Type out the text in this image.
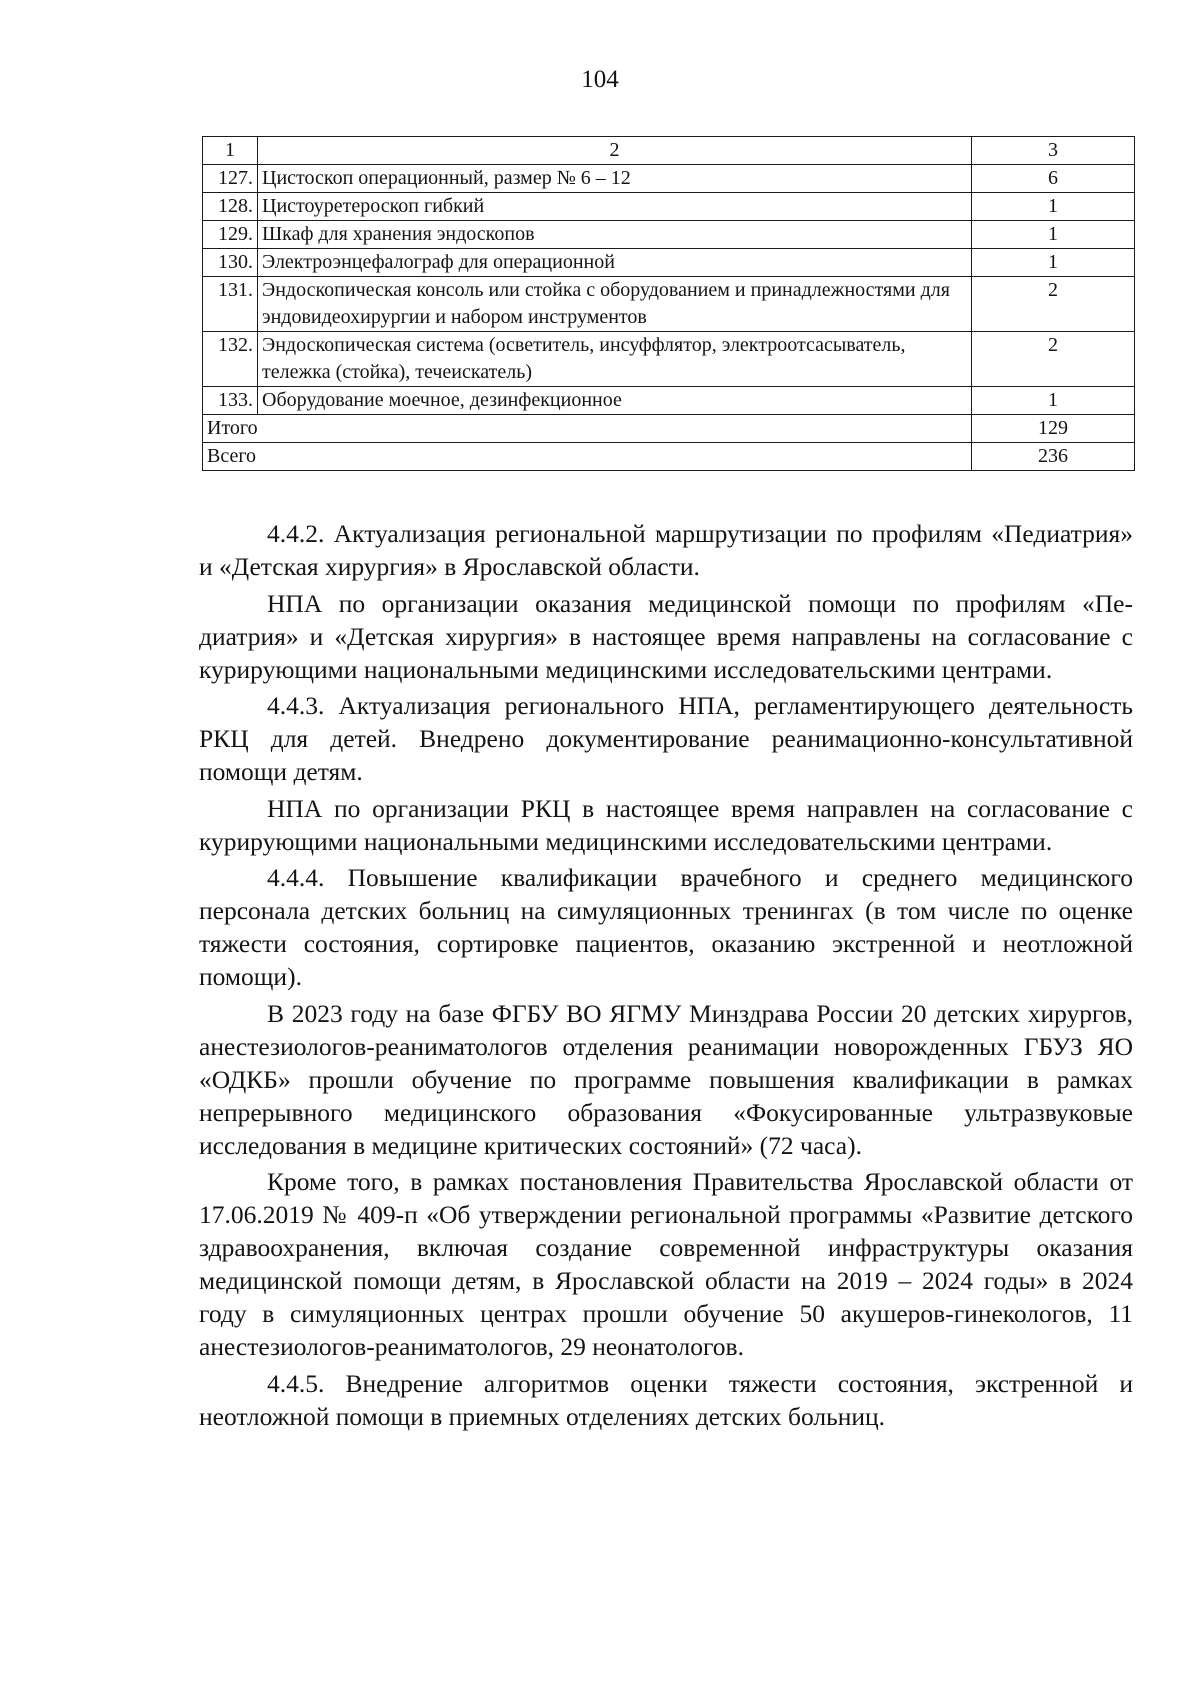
104
1	2	3
127.	Цистоскоп операционный, размер № 6 – 12	6
128.	Цистоуретероскоп гибкий	1
129.	Шкаф для хранения эндоскопов	1
130.	Электроэнцефалограф для операционной	1
131.	Эндоскопическая консоль или стойка с оборудованием и принадлежностями для эндовидеохирургии и набором инструментов	2
132.	Эндоскопическая система (осветитель, инсуффлятор, электроотсасыватель, тележка (стойка), течеискатель)	2
133.	Оборудование моечное, дезинфекционное	1
Итого		129
Всего		236

4.4.2. Актуализация региональной маршрутизации по профилям «Педиатрия» и «Детская хирургия» в Ярославской области.

НПА по организации оказания медицинской помощи по профилям «Педиатрия» и «Детская хирургия» в настоящее время направлены на согласование с курирующими национальными медицинскими исследовательскими центрами.

4.4.3. Актуализация регионального НПА, регламентирующего деятельность РКЦ для детей. Внедрено документирование реанимационно-консультативной помощи детям.

НПА по организации РКЦ в настоящее время направлен на согласование с курирующими национальными медицинскими исследовательскими центрами.

4.4.4. Повышение квалификации врачебного и среднего медицинского персонала детских больниц на симуляционных тренингах (в том числе по оценке тяжести состояния, сортировке пациентов, оказанию экстренной и неотложной помощи).

В 2023 году на базе ФГБУ ВО ЯГМУ Минздрава России 20 детских хирургов, анестезиологов-реаниматологов отделения реанимации новорожденных ГБУЗ ЯО «ОДКБ» прошли обучение по программе повышения квалификации в рамках непрерывного медицинского образования «Фокусированные ультразвуковые исследования в медицине критических состояний» (72 часа).

Кроме того, в рамках постановления Правительства Ярославской области от 17.06.2019 № 409-п «Об утверждении региональной программы «Развитие детского здравоохранения, включая создание современной инфраструктуры оказания медицинской помощи детям, в Ярославской области на 2019 – 2024 годы» в 2024 году в симуляционных центрах прошли обучение 50 акушеров-гинекологов, 11 анестезиологов-реаниматологов, 29 неонатологов.

4.4.5. Внедрение алгоритмов оценки тяжести состояния, экстренной и неотложной помощи в приемных отделениях детских больниц.
